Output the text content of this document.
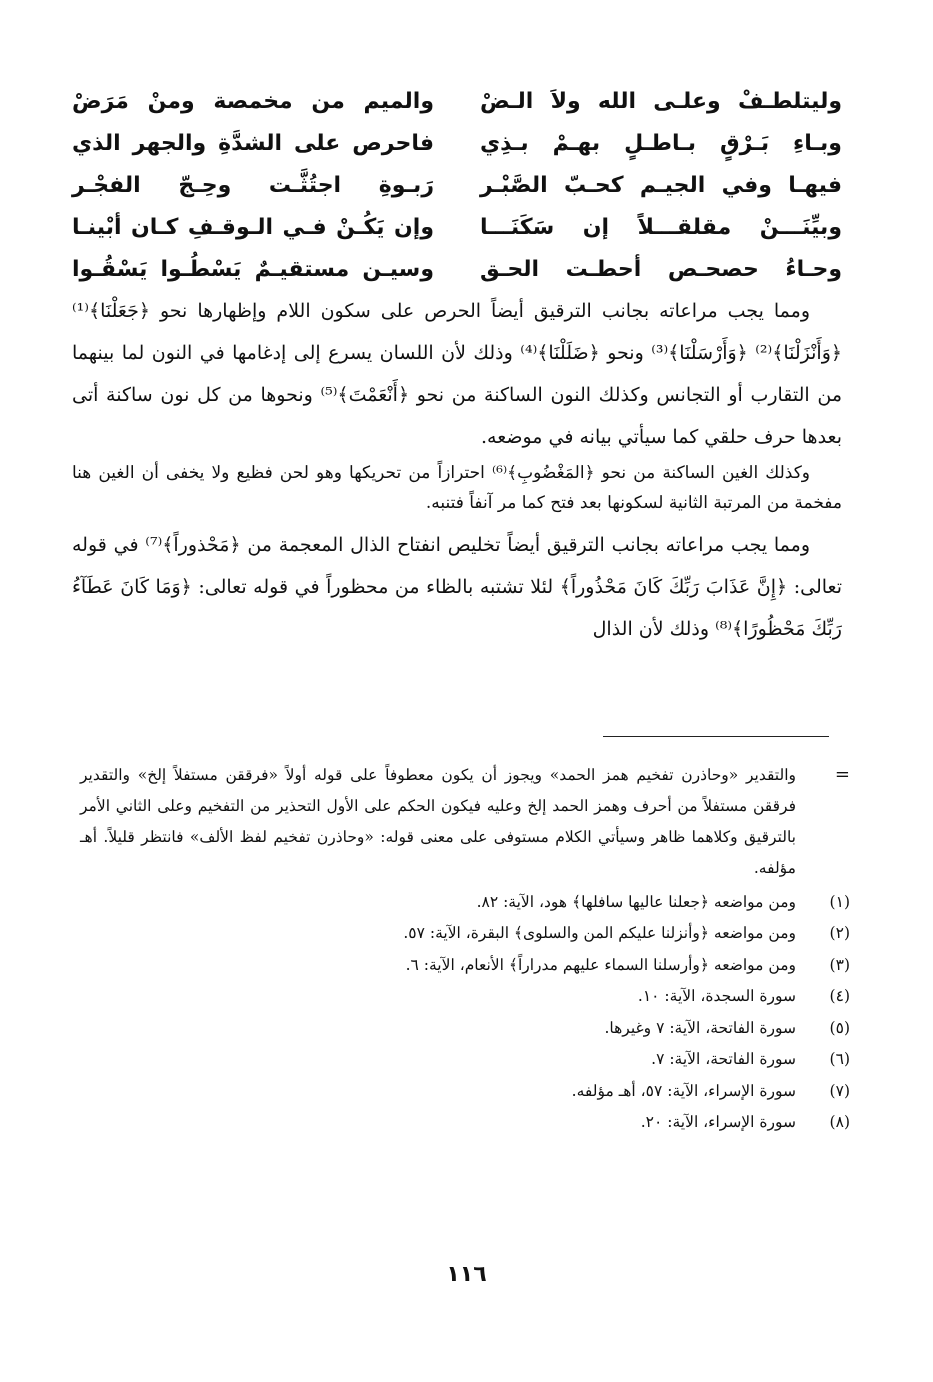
وليتلطـفْ وعلـى الله ولاَ الـضْ
والميم من مخمصة ومنْ مَرَضْ
وبـاءِ بَـرْقٍ بـاطـلٍ بهـمْ بـذِي
فاحرص على الشدَّةِ والجهر الذي
فيهـا وفي الجيـم كحـبّ الصَّبْـر
رَبـوةِ اجتُثَّـت وحِـجّ الفجْـر
وبيِّنَـــنْ مقلقـــلاً إن سَكَنَـــا
وإن يَكُـنْ فـي الـوقـفِ كـان أبْينـا
وحـاءُ حصحـص أحطـت الحـق
وسيـن مستقيـمٌ يَسْطُـوا يَسْقُـوا

ومما يجب مراعاته بجانب الترقيق أيضاً الحرص على سكون اللام وإظهارها نحو ﴿جَعَلْنَا﴾⁽¹⁾ ﴿وَأَنْزَلْنَا﴾⁽²⁾ ﴿وَأَرْسَلْنَا﴾⁽³⁾ ونحو ﴿ضَلَلْنَا﴾⁽⁴⁾ وذلك لأن اللسان يسرع إلى إدغامها في النون لما بينهما من التقارب أو التجانس وكذلك النون الساكنة من نحو ﴿أَنْعَمْتَ﴾⁽⁵⁾ ونحوها من كل نون ساكنة أتى بعدها حرف حلقي كما سيأتي بيانه في موضعه.

وكذلك الغين الساكنة من نحو ﴿المَغْضُوبِ﴾⁽⁶⁾ احترازاً من تحريكها وهو لحن فظيع ولا يخفى أن الغين هنا مفخمة من المرتبة الثانية لسكونها بعد فتح كما مر آنفاً فتنبه.

ومما يجب مراعاته بجانب الترقيق أيضاً تخليص انفتاح الذال المعجمة من ﴿مَحْذوراً﴾⁽⁷⁾ في قوله تعالى: ﴿إِنَّ عَذَابَ رَبِّكَ كَانَ مَحْذُوراً﴾ لئلا تشتبه بالظاء من محظوراً في قوله تعالى: ﴿وَمَا كَانَ عَطَآءُ رَبِّكَ مَحْظُورًا﴾⁽⁸⁾ وذلك لأن الذال

=
والتقدير «وحاذرن تفخيم همز الحمد» ويجوز أن يكون معطوفاً على قوله أولاً «فرققن مستفلاً إلخ» والتقدير فرققن مستفلاً من أحرف وهمز الحمد إلخ وعليه فيكون الحكم على الأول التحذير من التفخيم وعلى الثاني الأمر بالترقيق وكلاهما ظاهر وسيأتي الكلام مستوفى على معنى قوله: «وحاذرن تفخيم لفظ الألف» فانتظر قليلاً. أهـ مؤلفه.
(١)
ومن مواضعه ﴿جعلنا عاليها سافلها﴾ هود، الآية: ٨٢.
(٢)
ومن مواضعه ﴿وأنزلنا عليكم المن والسلوى﴾ البقرة، الآية: ٥٧.
(٣)
ومن مواضعه ﴿وأرسلنا السماء عليهم مدراراً﴾ الأنعام، الآية: ٦.
(٤)
سورة السجدة، الآية: ١٠.
(٥)
سورة الفاتحة، الآية: ٧ وغيرها.
(٦)
سورة الفاتحة، الآية: ٧.
(٧)
سورة الإسراء، الآية: ٥٧، أهـ مؤلفه.
(٨)
سورة الإسراء، الآية: ٢٠.
١١٦
